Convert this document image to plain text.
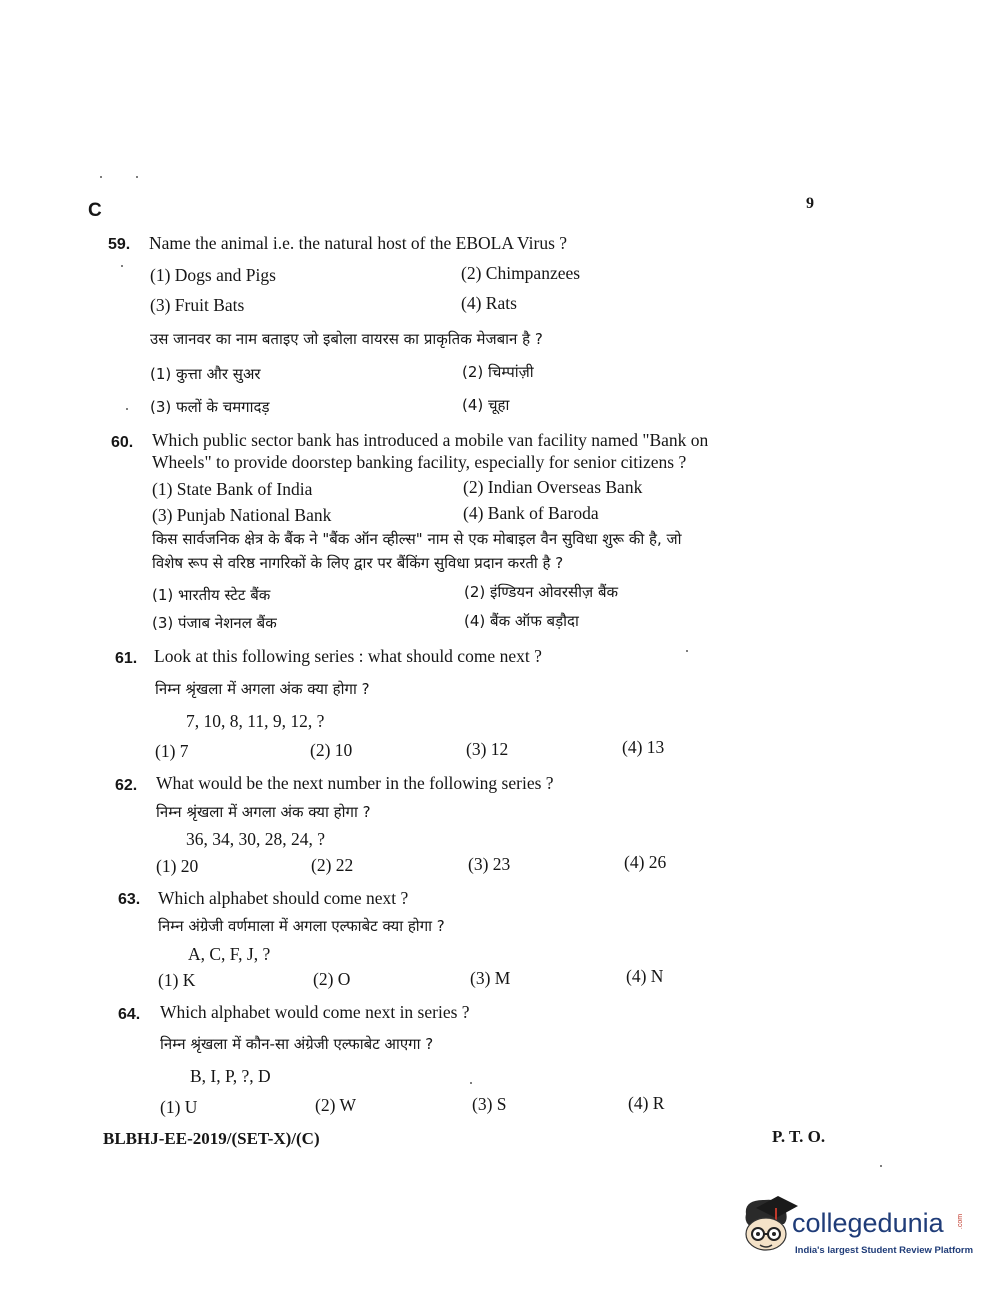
C	9
59. Name the animal i.e. the natural host of the EBOLA Virus ?
(1) Dogs and Pigs	(2) Chimpanzees
(3) Fruit Bats	(4) Rats
उस जानवर का नाम बताइए जो इबोला वायरस का प्राकृतिक मेजबान है ?
(1) कुत्ता और सुअर	(2) चिम्पांज़ी
(3) फलों के चमगादड़	(4) चूहा
60. Which public sector bank has introduced a mobile van facility named "Bank on
Wheels" to provide doorstep banking facility, especially for senior citizens ?
(1) State Bank of India	(2) Indian Overseas Bank
(3) Punjab National Bank	(4) Bank of Baroda
किस सार्वजनिक क्षेत्र के बैंक ने "बैंक ऑन व्हील्स" नाम से एक मोबाइल वैन सुविधा शुरू की है, जो
विशेष रूप से वरिष्ठ नागरिकों के लिए द्वार पर बैंकिंग सुविधा प्रदान करती है ?
(1) भारतीय स्टेट बैंक	(2) इंण्डियन ओवरसीज़ बैंक
(3) पंजाब नेशनल बैंक	(4) बैंक ऑफ बड़ौदा
61. Look at this following series : what should come next ?
निम्न श्रृंखला में अगला अंक क्या होगा ?
7, 10, 8, 11, 9, 12, ?
(1) 7	(2) 10	(3) 12	(4) 13
62. What would be the next number in the following series ?
निम्न श्रृंखला में अगला अंक क्या होगा ?
36, 34, 30, 28, 24, ?
(1) 20	(2) 22	(3) 23	(4) 26
63. Which alphabet should come next ?
निम्न अंग्रेजी वर्णमाला में अगला एल्फाबेट क्या होगा ?
A, C, F, J, ?
(1) K	(2) O	(3) M	(4) N
64. Which alphabet would come next in series ?
निम्न श्रृंखला में कौन-सा अंग्रेजी एल्फाबेट आएगा ?
B, I, P, ?, D
(1) U	(2) W	(3) S	(4) R
BLBHJ-EE-2019/(SET-X)/(C)	P. T. O.
collegedunia .com
India's largest Student Review Platform
